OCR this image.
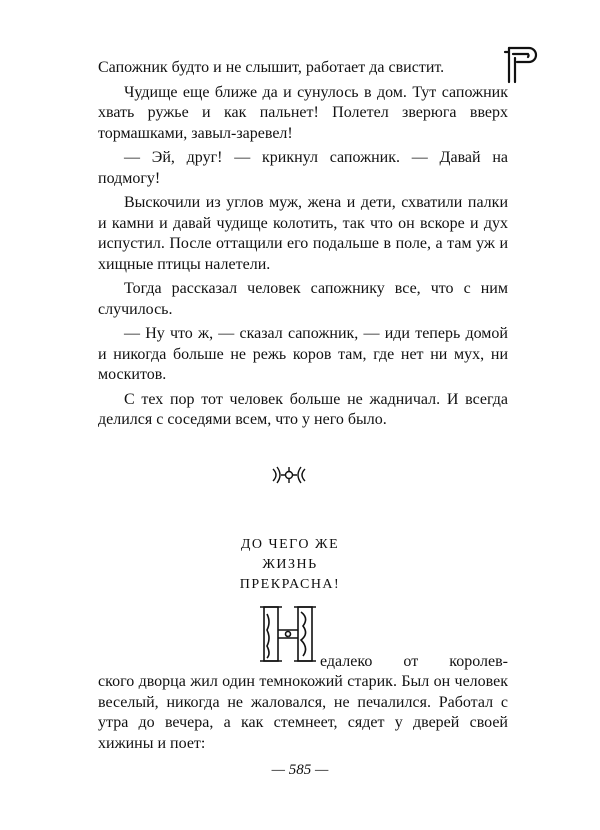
Сапожник будто и не слышит, работает да свистит.

Чудище еще ближе да и сунулось в дом. Тут сапожник хвать ружье и как пальнет! Полетел зверюга вверх тормашками, завыл-заревел!

— Эй, друг! — крикнул сапожник. — Давай на подмогу!

Выскочили из углов муж, жена и дети, схватили палки и камни и давай чудище колотить, так что он вскоре и дух испустил. После оттащили его подальше в поле, а там уж и хищные птицы налетели.

Тогда рассказал человек сапожнику все, что с ним случилось.

— Ну что ж, — сказал сапожник, — иди теперь домой и никогда больше не режь коров там, где нет ни мух, ни москитов.

С тех пор тот человек больше не жадничал. И всегда делился с соседями всем, что у него было.

ДО ЧЕГО ЖЕ
ЖИЗНЬ
ПРЕКРАСНА!
Н
едалеко от королев-
ского дворца жил один темнокожий старик. Был он человек веселый, никогда не жаловался, не печалился. Работал с утра до вечера, а как стемнеет, сядет у дверей своей хижины и поет:
— 585 —
